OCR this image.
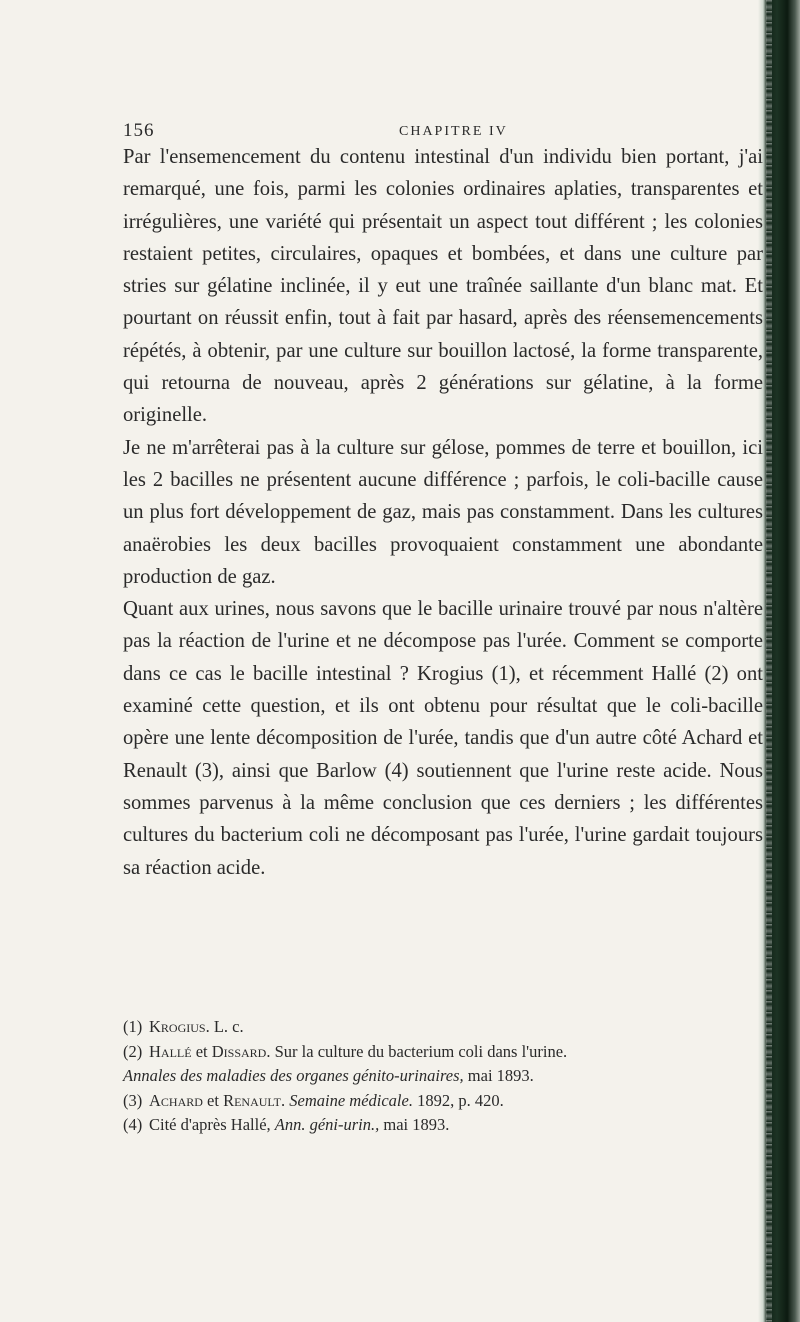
156	CHAPITRE IV

Par l'ensemencement du contenu intestinal d'un individu bien portant, j'ai remarqué, une fois, parmi les colonies ordinaires aplaties, transparentes et irrégulières, une variété qui présentait un aspect tout différent ; les colonies restaient petites, circulaires, opaques et bombées, et dans une culture par stries sur gélatine inclinée, il y eut une traînée saillante d'un blanc mat. Et pourtant on réussit enfin, tout à fait par hasard, après des réensemencements répétés, à obtenir, par une culture sur bouillon lactosé, la forme transparente, qui retourna de nouveau, après 2 générations sur gélatine, à la forme originelle.

Je ne m'arrêterai pas à la culture sur gélose, pommes de terre et bouillon, ici les 2 bacilles ne présentent aucune différence ; parfois, le coli-bacille cause un plus fort développement de gaz, mais pas constamment. Dans les cultures anaërobies les deux bacilles provoquaient constamment une abondante production de gaz.

Quant aux urines, nous savons que le bacille urinaire trouvé par nous n'altère pas la réaction de l'urine et ne décompose pas l'urée. Comment se comporte dans ce cas le bacille intestinal ? Krogius (1), et récemment Hallé (2) ont examiné cette question, et ils ont obtenu pour résultat que le coli-bacille opère une lente décomposition de l'urée, tandis que d'un autre côté Achard et Renault (3), ainsi que Barlow (4) soutiennent que l'urine reste acide. Nous sommes parvenus à la même conclusion que ces derniers ; les différentes cultures du bacterium coli ne décomposant pas l'urée, l'urine gardait toujours sa réaction acide.

(1) Krogius. L. c.
(2) Hallé et Dissard. Sur la culture du bacterium coli dans l'urine.
Annales des maladies des organes génito-urinaires, mai 1893.
(3) Achard et Renault. Semaine médicale. 1892, p. 420.
(4) Cité d'après Hallé, Ann. géni-urin., mai 1893.
